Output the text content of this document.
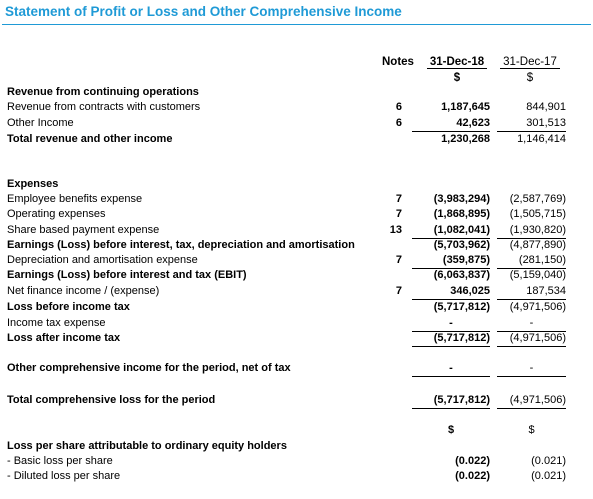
Statement of Profit or Loss and Other Comprehensive Income
Notes 31-Dec-18 31-Dec-17
$	$
Revenue from continuing operations
Revenue from contracts with customers	6	1,187,645	844,901
Other Income	6	42,623	301,513
Total revenue and other income	1,230,268	1,146,414
Expenses
Employee benefits expense	7	(3,983,294)	(2,587,769)
Operating expenses	7	(1,868,895)	(1,505,715)
Share based payment expense	13	(1,082,041)	(1,930,820)
Earnings (Loss) before interest, tax, depreciation and amortisation	(5,703,962)	(4,877,890)
Depreciation and amortisation expense	7	(359,875)	(281,150)
Earnings (Loss) before interest and tax (EBIT)	(6,063,837)	(5,159,040)
Net finance income / (expense)	7	346,025	187,534
Loss before income tax	(5,717,812)	(4,971,506)
Income tax expense	-	-
Loss after income tax	(5,717,812)	(4,971,506)
Other comprehensive income for the period, net of tax	-	-
Total comprehensive loss for the period	(5,717,812)	(4,971,506)
$	$
Loss per share attributable to ordinary equity holders
- Basic loss per share	(0.022)	(0.021)
- Diluted loss per share	(0.022)	(0.021)
